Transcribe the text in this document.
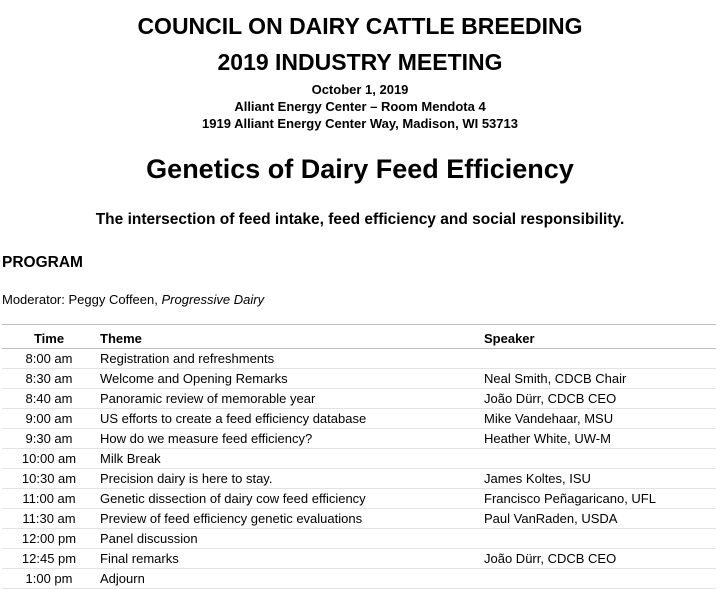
COUNCIL ON DAIRY CATTLE BREEDING
2019 INDUSTRY MEETING
October 1, 2019
Alliant Energy Center – Room Mendota 4
1919 Alliant Energy Center Way, Madison, WI 53713
Genetics of Dairy Feed Efficiency
The intersection of feed intake, feed efficiency and social responsibility.
PROGRAM
Moderator: Peggy Coffeen, Progressive Dairy
Time	Theme	Speaker
8:00 am	Registration and refreshments	
8:30 am	Welcome and Opening Remarks	Neal Smith, CDCB Chair
8:40 am	Panoramic review of memorable year	João Dürr, CDCB CEO
9:00 am	US efforts to create a feed efficiency database	Mike Vandehaar, MSU
9:30 am	How do we measure feed efficiency?	Heather White, UW-M
10:00 am	Milk Break	
10:30 am	Precision dairy is here to stay.	James Koltes, ISU
11:00 am	Genetic dissection of dairy cow feed efficiency	Francisco Peñagaricano, UFL
11:30 am	Preview of feed efficiency genetic evaluations	Paul VanRaden, USDA
12:00 pm	Panel discussion	
12:45 pm	Final remarks	João Dürr, CDCB CEO
1:00 pm	Adjourn	
